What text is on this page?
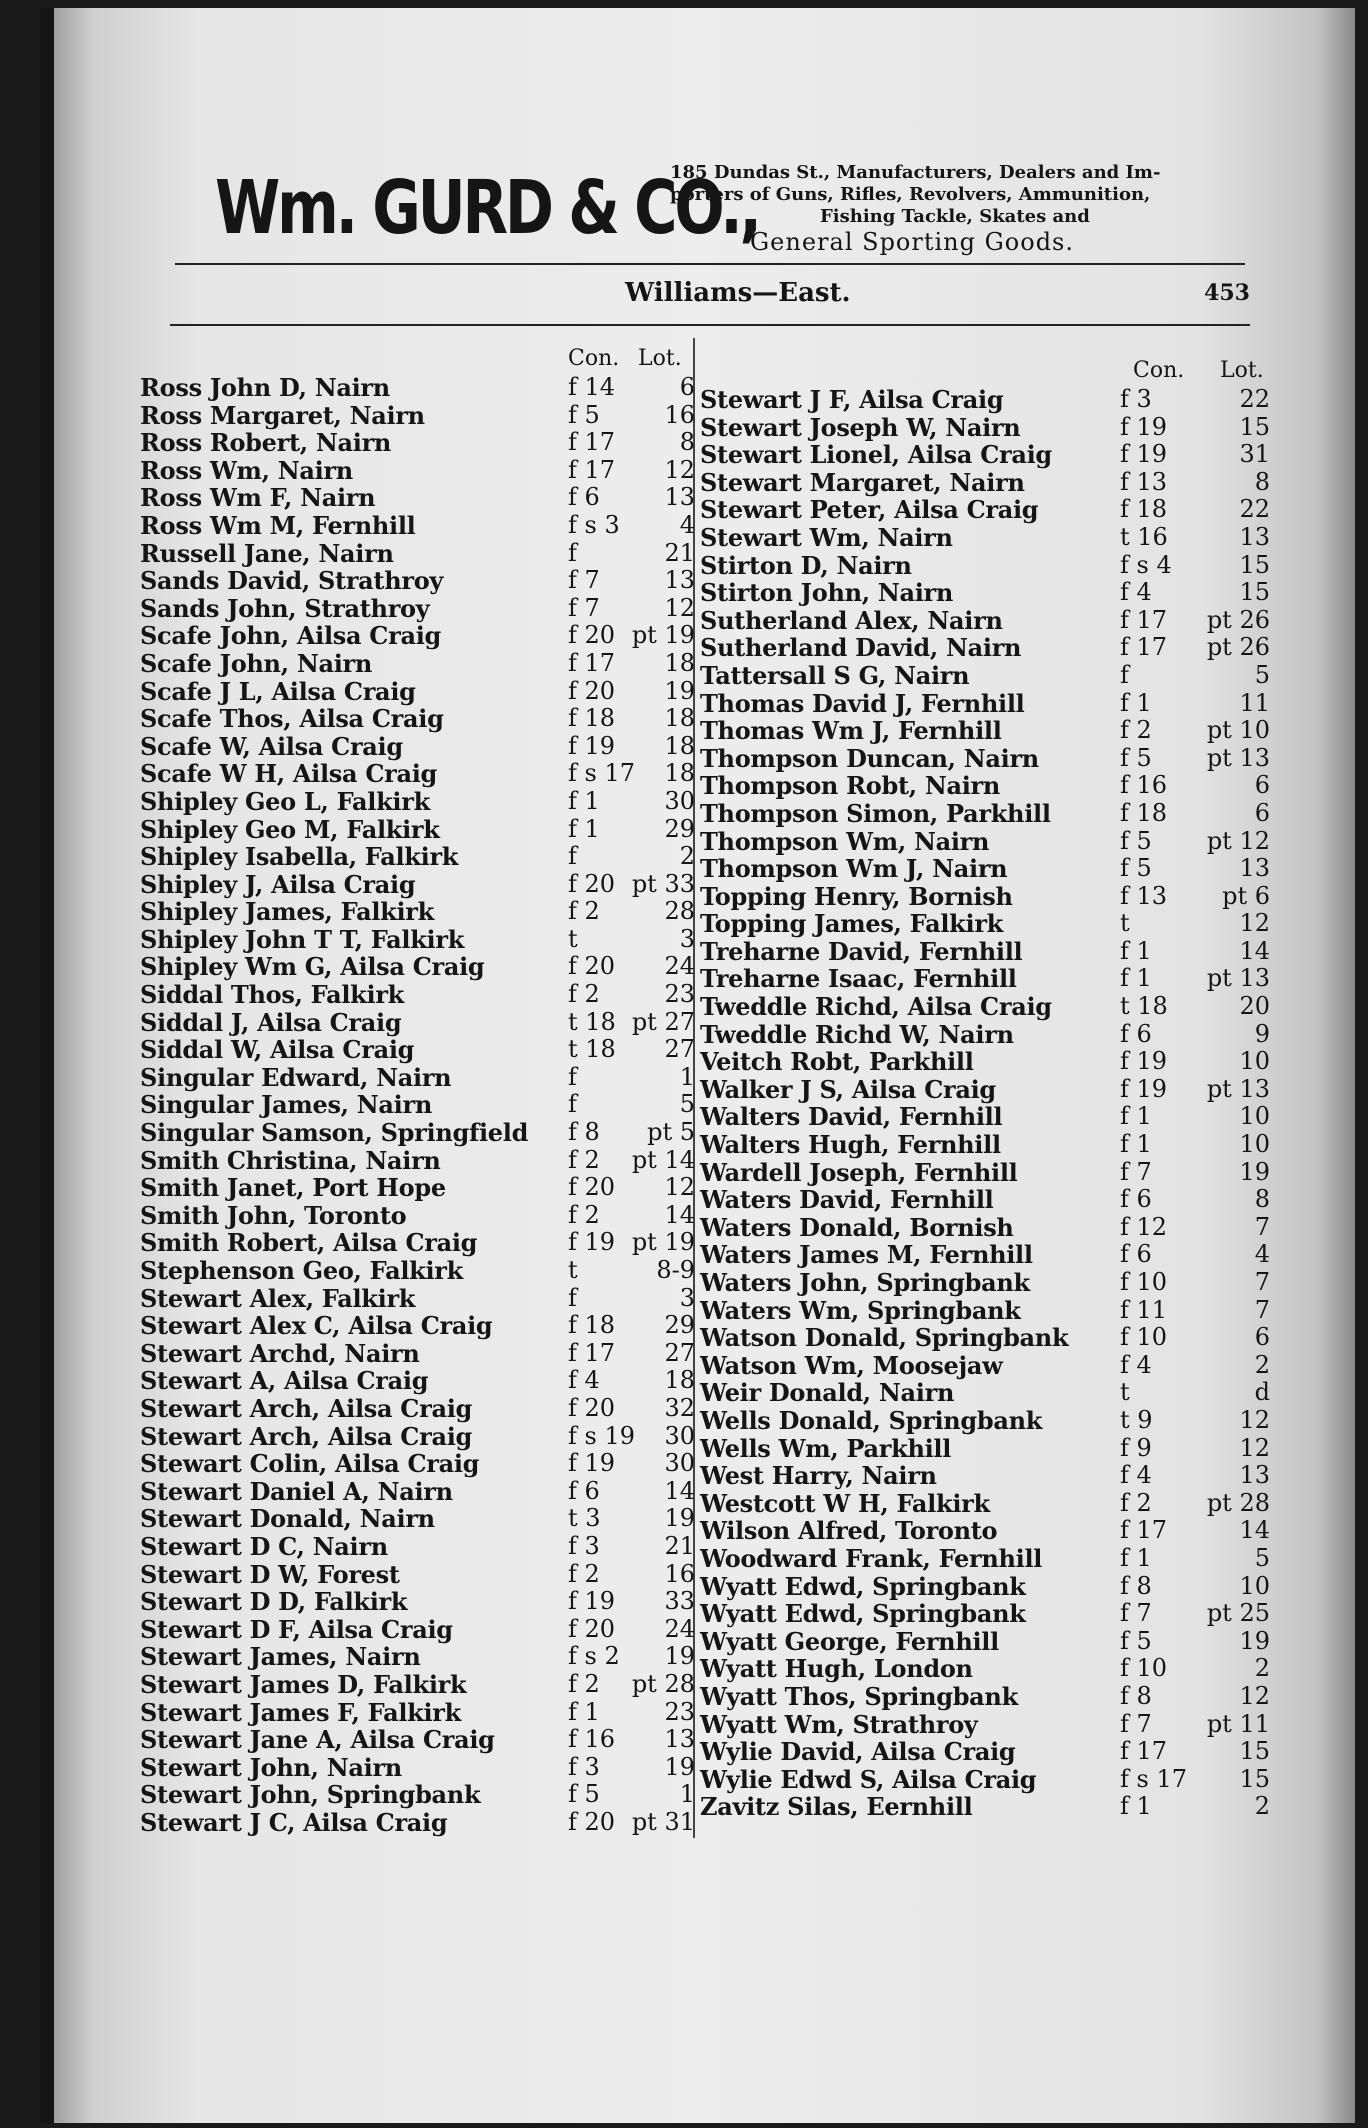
Wm. GURD & CO.,
185 Dundas St., Manufacturers, Dealers and Im-
porters of Guns, Rifles, Revolvers, Ammunition,
Fishing Tackle, Skates and
General Sporting Goods.
Williams—East.	453
Con. Lot.
Ross John D, Nairn	f 14	6
Ross Margaret, Nairn	f 5	16
Ross Robert, Nairn	f 17	8
Ross Wm, Nairn	f 17	12
Ross Wm F, Nairn	f 6	13
Ross Wm M, Fernhill	f s 3	4
Russell Jane, Nairn	f	21
Sands David, Strathroy	f 7	13
Sands John, Strathroy	f 7	12
Scafe John, Ailsa Craig	f 20 pt 19
Scafe John, Nairn	f 17	18
Scafe J L, Ailsa Craig	f 20	19
Scafe Thos, Ailsa Craig	f 18	18
Scafe W, Ailsa Craig	f 19	18
Scafe W H, Ailsa Craig	f s 17	18
Shipley Geo L, Falkirk	f 1	30
Shipley Geo M, Falkirk	f 1	29
Shipley Isabella, Falkirk	f	2
Shipley J, Ailsa Craig	f 20 pt 33
Shipley James, Falkirk	f 2	28
Shipley John T T, Falkirk	t	3
Shipley Wm G, Ailsa Craig	f 20	24
Siddal Thos, Falkirk	f 2	23
Siddal J, Ailsa Craig	t 18 pt 27
Siddal W, Ailsa Craig	t 18	27
Singular Edward, Nairn	f	1
Singular James, Nairn	f	5
Singular Samson, Springfield f 8	pt 5
Smith Christina, Nairn	f 2	pt 14
Smith Janet, Port Hope	f 20	12
Smith John, Toronto	f 2	14
Smith Robert, Ailsa Craig	f 19 pt 19
Stephenson Geo, Falkirk	t	8-9
Stewart Alex, Falkirk	f	3
Stewart Alex C, Ailsa Craig	f 18	29
Stewart Archd, Nairn	f 17	27
Stewart A, Ailsa Craig	f 4	18
Stewart Arch, Ailsa Craig	f 20	32
Stewart Arch, Ailsa Craig	f s 19	30
Stewart Colin, Ailsa Craig	f 19	30
Stewart Daniel A, Nairn	f 6	14
Stewart Donald, Nairn	t 3	19
Stewart D C, Nairn	f 3	21
Stewart D W, Forest	f 2	16
Stewart D D, Falkirk	f 19	33
Stewart D F, Ailsa Craig	f 20	24
Stewart James, Nairn	f s 2	19
Stewart James D, Falkirk	f 2	pt 28
Stewart James F, Falkirk	f 1	23
Stewart Jane A, Ailsa Craig	f 16	13
Stewart John, Nairn	f 3	19
Stewart John, Springbank	f 5	1
Stewart J C, Ailsa Craig	f 20 pt 31
Con. Lot.
Stewart J F, Ailsa Craig	f 3	22
Stewart Joseph W, Nairn	f 19	15
Stewart Lionel, Ailsa Craig	f 19	31
Stewart Margaret, Nairn	f 13	8
Stewart Peter, Ailsa Craig	f 18	22
Stewart Wm, Nairn	t 16	13
Stirton D, Nairn	f s 4	15
Stirton John, Nairn	f 4	15
Sutherland Alex, Nairn	f 17	pt 26
Sutherland David, Nairn	f 17	pt 26
Tattersall S G, Nairn	f	5
Thomas David J, Fernhill	f 1	11
Thomas Wm J, Fernhill	f 2	pt 10
Thompson Duncan, Nairn	f 5	pt 13
Thompson Robt, Nairn	f 16	6
Thompson Simon, Parkhill	f 18	6
Thompson Wm, Nairn	f 5	pt 12
Thompson Wm J, Nairn	f 5	13
Topping Henry, Bornish	f 13	pt 6
Topping James, Falkirk	t	12
Treharne David, Fernhill	f 1	14
Treharne Isaac, Fernhill	f 1	pt 13
Tweddle Richd, Ailsa Craig	t 18	20
Tweddle Richd W, Nairn	f 6	9
Veitch Robt, Parkhill	f 19	10
Walker J S, Ailsa Craig	f 19	pt 13
Walters David, Fernhill	f 1	10
Walters Hugh, Fernhill	f 1	10
Wardell Joseph, Fernhill	f 7	19
Waters David, Fernhill	f 6	8
Waters Donald, Bornish	f 12	7
Waters James M, Fernhill	f 6	4
Waters John, Springbank	f 10	7
Waters Wm, Springbank	f 11	7
Watson Donald, Springbank f 10	6
Watson Wm, Moosejaw	f 4	2
Weir Donald, Nairn	t	d
Wells Donald, Springbank	t 9	12
Wells Wm, Parkhill	f 9	12
West Harry, Nairn	f 4	13
Westcott W H, Falkirk	f 2	pt 28
Wilson Alfred, Toronto	f 17	14
Woodward Frank, Fernhill	f 1	5
Wyatt Edwd, Springbank	f 8	10
Wyatt Edwd, Springbank	f 7	pt 25
Wyatt George, Fernhill	f 5	19
Wyatt Hugh, London	f 10	2
Wyatt Thos, Springbank	f 8	12
Wyatt Wm, Strathroy	f 7	pt 11
Wylie David, Ailsa Craig	f 17	15
Wylie Edwd S, Ailsa Craig	f s 17	15
Zavitz Silas, Eernhill	f 1	2
